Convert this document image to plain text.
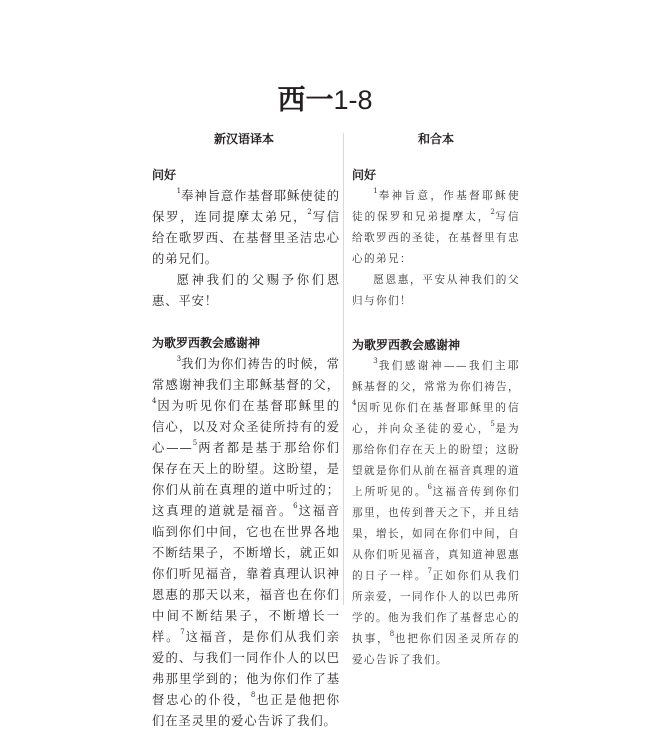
西一1-8
新汉语译本
问好

$^1$奉神旨意作基督耶稣使徒的保罗，连同提摩太弟兄，$^2$写信给在歌罗西、在基督里圣洁忠心的弟兄们。

愿神我们的父赐予你们恩惠、平安！

为歌罗西教会感谢神

$^3$我们为你们祷告的时候，常常感谢神我们主耶稣基督的父，$^4$因为听见你们在基督耶稣里的信心，以及对众圣徒所持有的爱心——$^5$两者都是基于那给你们保存在天上的盼望。这盼望，是你们从前在真理的道中听过的；这真理的道就是福音。$^6$这福音临到你们中间，它也在世界各地不断结果子，不断增长，就正如你们听见福音，靠着真理认识神恩惠的那天以来，福音也在你们中间不断结果子，不断增长一样。$^7$这福音，是你们从我们亲爱的、与我们一同作仆人的以巴弗那里学到的；他为你们作了基督忠心的仆役，$^8$也正是他把你们在圣灵里的爱心告诉了我们。

和合本
问好

$^1$奉神旨意，作基督耶稣使徒的保罗和兄弟提摩太，$^2$写信给歌罗西的圣徒，在基督里有忠心的弟兄：

愿恩惠，平安从神我们的父归与你们！

为歌罗西教会感谢神

$^3$我们感谢神——我们主耶稣基督的父，常常为你们祷告，$^4$因听见你们在基督耶稣里的信心，并向众圣徒的爱心，$^5$是为那给你们存在天上的盼望；这盼望就是你们从前在福音真理的道上所听见的。$^6$这福音传到你们那里，也传到普天之下，并且结果，增长，如同在你们中间，自从你们听见福音，真知道神恩惠的日子一样。$^7$正如你们从我们所亲爱，一同作仆人的以巴弗所学的。他为我们作了基督忠心的执事，$^8$也把你们因圣灵所存的爱心告诉了我们。
